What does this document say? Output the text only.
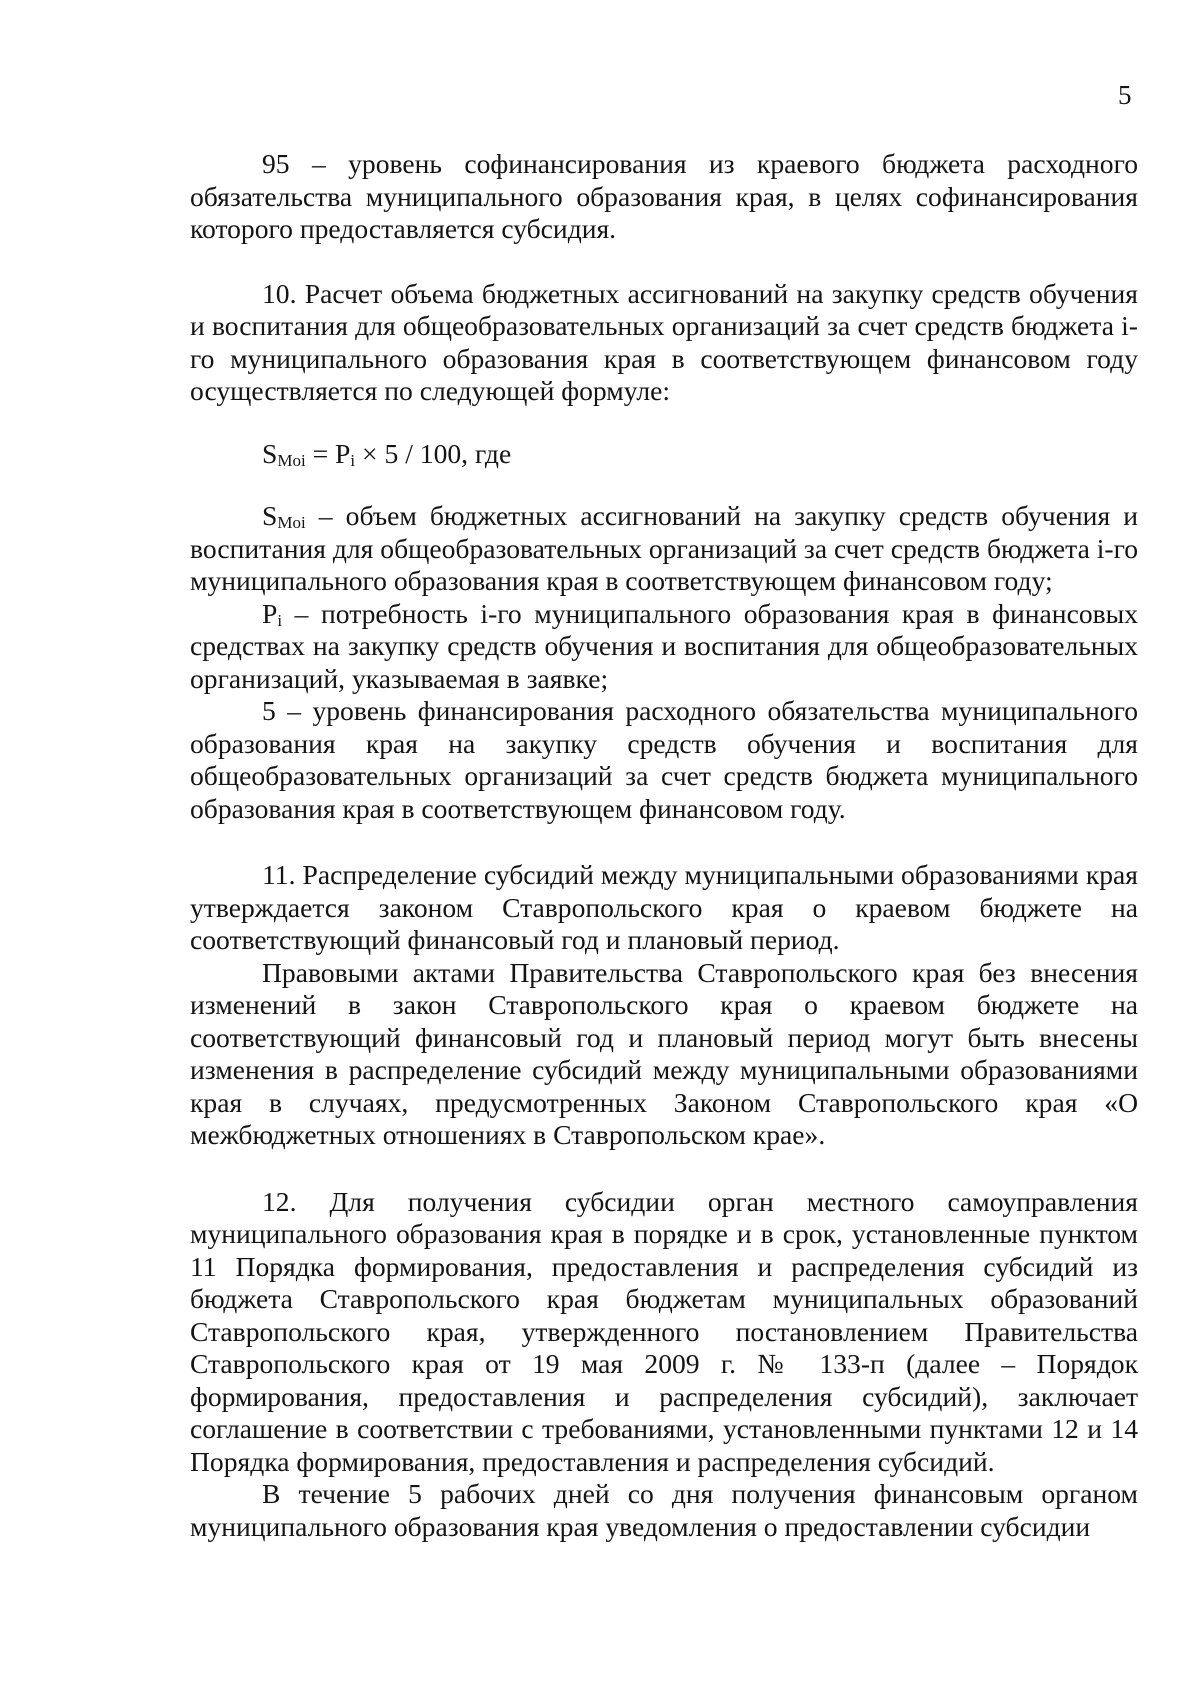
5

95 – уровень софинансирования из краевого бюджета расходного обязательства муниципального образования края, в целях софинансирования которого предоставляется субсидия.

10. Расчет объема бюджетных ассигнований на закупку средств обучения и воспитания для общеобразовательных организаций за счет средств бюджета i-го муниципального образования края в соответствующем финансовом году осуществляется по следующей формуле:

$S_{Moi} = P_i \times 5 / 100$, где

$S_{Moi}$ – объем бюджетных ассигнований на закупку средств обучения и воспитания для общеобразовательных организаций за счет средств бюджета i-го муниципального образования края в соответствующем финансовом году;

$P_i$ – потребность i-го муниципального образования края в финансовых средствах на закупку средств обучения и воспитания для общеобразовательных организаций, указываемая в заявке;

5 – уровень финансирования расходного обязательства муниципального образования края на закупку средств обучения и воспитания для общеобразовательных организаций за счет средств бюджета муниципального образования края в соответствующем финансовом году.

11. Распределение субсидий между муниципальными образованиями края утверждается законом Ставропольского края о краевом бюджете на соответствующий финансовый год и плановый период.

Правовыми актами Правительства Ставропольского края без внесения изменений в закон Ставропольского края о краевом бюджете на соответствующий финансовый год и плановый период могут быть внесены изменения в распределение субсидий между муниципальными образованиями края в случаях, предусмотренных Законом Ставропольского края «О межбюджетных отношениях в Ставропольском крае».

12. Для получения субсидии орган местного самоуправления муниципального образования края в порядке и в срок, установленные пунктом 11 Порядка формирования, предоставления и распределения субсидий из бюджета Ставропольского края бюджетам муниципальных образований Ставропольского края, утвержденного постановлением Правительства Ставропольского края от 19 мая 2009 г. № 133-п (далее – Порядок формирования, предоставления и распределения субсидий), заключает соглашение в соответствии с требованиями, установленными пунктами 12 и 14 Порядка формирования, предоставления и распределения субсидий.

В течение 5 рабочих дней со дня получения финансовым органом муниципального образования края уведомления о предоставлении субсидии
